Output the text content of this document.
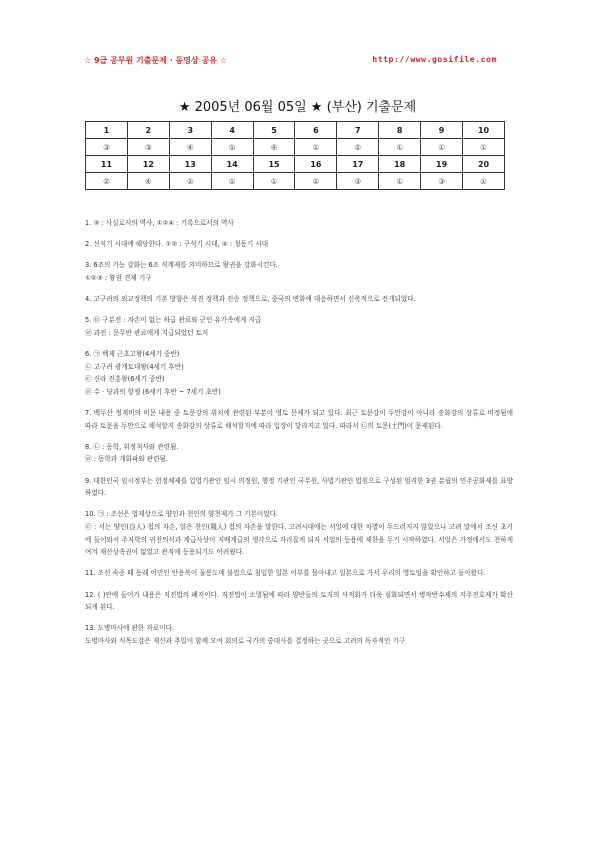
☆ 9급 공무원 기출문제 · 동영상 공유 ☆	http://www.gosifile.com
★ 2005년 06월 05일 ★ (부산) 기출문제
1	2	3	4	5	6	7	8	9	10
③	③	④	①	④	①	②	①	①	①
11	12	13	14	15	16	17	18	19	20
②	④	②	①	①	②	③	①	③	①

1. ③ : 사실로서의 역사, ①②④ : 기록으로서의 역사

2. 신석기 시대에 해당한다. ①② : 구석기 시대, ④ : 청동기 시대

3. 6조의 기능 강화는 6조 직계제를 의미하므로 왕권을 강화시킨다.
①②③ : 왕권 견제 기구

4. 고구려의 외교정책의 기본 방향은 북진 정책과 진승 정책으로, 중국의 변화에 대응하면서 신축적으로 전개되었다.

5. ㉤ 구분전 : 자손이 없는 하급 관료와 군인 유가족에게 지급
㉣ 과전 : 문무반 관료에게 지급되었던 토지

6. ㉠ 백제 근초고왕(4세기 중반)
㉡ 고구려 광개토대왕(4세기 후반)
㉢ 신라 진흥왕(6세기 중반)
㉣ 수 · 당과의 항쟁 (6세기 후반 ~ 7세기 초반)

7. 백두산 정계비의 비문 내용 중 토문강의 위치에 관련된 부분이 영토 문제가 되고 있다. 최근 토문강이 두만강이 아니라 송화강의 상류로 비정됨에 따라 토문을 두만으로 해석할지 송화강의 상류로 해석할지에 따라 입장이 달라지고 있다. 따라서 ㉡의 토문(土門)이 문제된다.

8. ㉡ : 동학, 위정척사와 관련됨.
㉣ : 동학과 개화파와 관련됨.

9. 대한민국 임시정부는 헌정체제를 입법기관인 임시 의정원, 행정 기관인 국무원, 사법기관인 법원으로 구성된 엄격한 3권 분립의 민주공화제를 표방하였다.

10. ㉠ : 조선은 법제상으로 양인과 천인의 양천제가 그 기본이었다.
㉢ : 서는 양인(良人) 첩의 자손, 얼은 천인(賤人) 첩의 자손을 말한다. 고려시대에는 서얼에 대한 차별이 두드러지지 않았으나 고려 말에서 조선 초기에 들어와서 주자학의 귀천의식과 계급사상이 지배계급의 생각으로 자리잡게 되자 서얼의 등용에 제한을 두기 시작하였다. 서얼은 가정에서도 천하게 여겨 재산상속권이 없었고 관직에 등용되기도 어려웠다.

11. 조선 숙종 때 동래 어민인 안용복이 울릉도에 불법으로 침입한 일본 어부를 몰아내고 일본으로 가서 우리의 영토임을 확인하고 돌아왔다.

12. ( )안에 들어가 내용은 직전법의 폐지이다. 직전법이 소멸됨에 따라 양반들의 토지의 사적화가 더욱 심화되면서 병작반수제의 지주전호제가 확산되게 된다.

13. 도병마사에 관한 자료이다.
도병마사와 식목도감은 재신과 추밀이 함께 모여 회의로 국가의 중대사를 결정하는 곳으로 고려의 독자적인 기구
